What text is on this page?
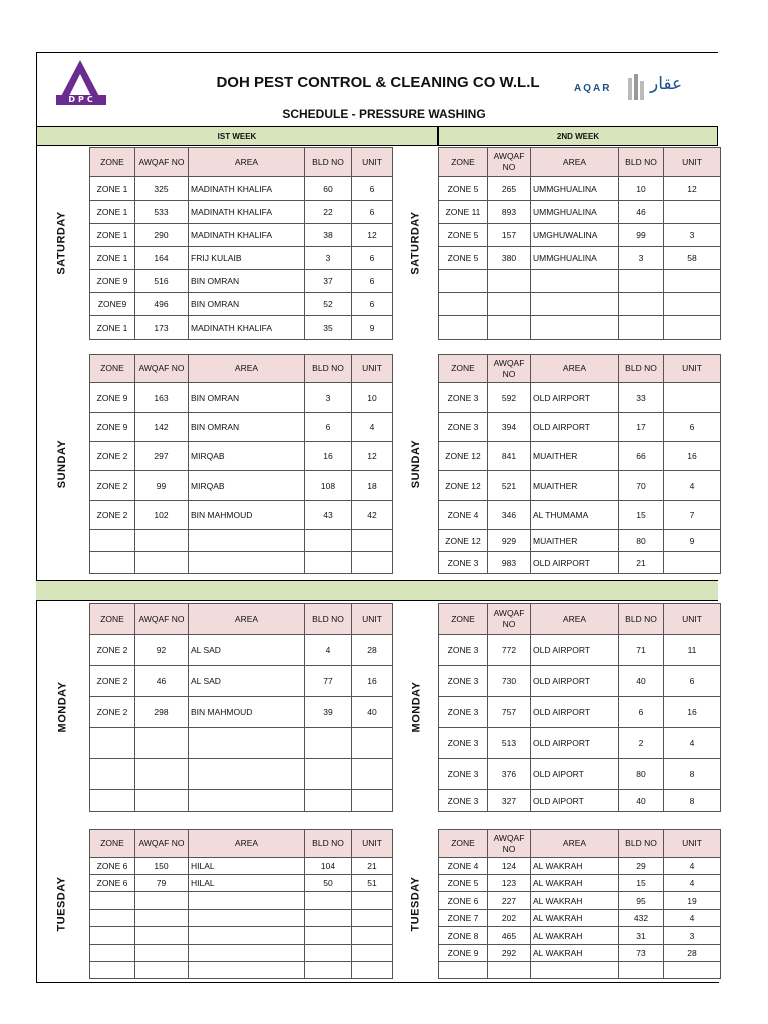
DPC
DOH PEST CONTROL & CLEANING CO W.L.L
SCHEDULE - PRESSURE WASHING
AQAR عقار
IST WEEK	2ND WEEK
ZONE	AWQAF NO	AREA	BLD NO	UNIT
ZONE 1	325	MADINATH KHALIFA	60	6
ZONE 1	533	MADINATH KHALIFA	22	6
ZONE 1	290	MADINATH KHALIFA	38	12
ZONE 1	164	FRIJ KULAIB	3	6
ZONE 9	516	BIN OMRAN	37	6
ZONE9	496	BIN OMRAN	52	6
ZONE 1	173	MADINATH KHALIFA	35	9
ZONE	AWQAF NO	AREA	BLD NO	UNIT
ZONE 5	265	UMMGHUALINA	10	12
ZONE 11	893	UMMGHUALINA	46	
ZONE 5	157	UMGHUWALINA	99	3
ZONE 5	380	UMMGHUALINA	3	58

SATURDAY	SATURDAY
ZONE	AWQAF NO	AREA	BLD NO	UNIT
ZONE 9	163	BIN OMRAN	3	10
ZONE 9	142	BIN OMRAN	6	4
ZONE 2	297	MIRQAB	16	12
ZONE 2	99	MIRQAB	108	18
ZONE 2	102	BIN MAHMOUD	43	42

ZONE	AWQAF NO	AREA	BLD NO	UNIT
ZONE 3	592	OLD AIRPORT	33	
ZONE 3	394	OLD AIRPORT	17	6
ZONE 12	841	MUAITHER	66	16
ZONE 12	521	MUAITHER	70	4
ZONE 4	346	AL THUMAMA	15	7
ZONE 12	929	MUAITHER	80	9
ZONE 3	983	OLD AIRPORT	21	
SUNDAY	SUNDAY
ZONE	AWQAF NO	AREA	BLD NO	UNIT
ZONE 2	92	AL SAD	4	28
ZONE 2	46	AL SAD	77	16
ZONE 2	298	BIN MAHMOUD	39	40

ZONE	AWQAF NO	AREA	BLD NO	UNIT
ZONE 3	772	OLD AIRPORT	71	11
ZONE 3	730	OLD AIRPORT	40	6
ZONE 3	757	OLD AIRPORT	6	16
ZONE 3	513	OLD AIRPORT	2	4
ZONE 3	376	OLD AIPORT	80	8
ZONE 3	327	OLD AIPORT	40	8
MONDAY	MONDAY
ZONE	AWQAF NO	AREA	BLD NO	UNIT
ZONE 6	150	HILAL	104	21
ZONE 6	79	HILAL	50	51

ZONE	AWQAF NO	AREA	BLD NO	UNIT
ZONE 4	124	AL WAKRAH	29	4
ZONE 5	123	AL WAKRAH	15	4
ZONE 6	227	AL WAKRAH	95	19
ZONE 7	202	AL WAKRAH	432	4
ZONE 8	465	AL WAKRAH	31	3
ZONE 9	292	AL WAKRAH	73	28

TUESDAY	TUESDAY
